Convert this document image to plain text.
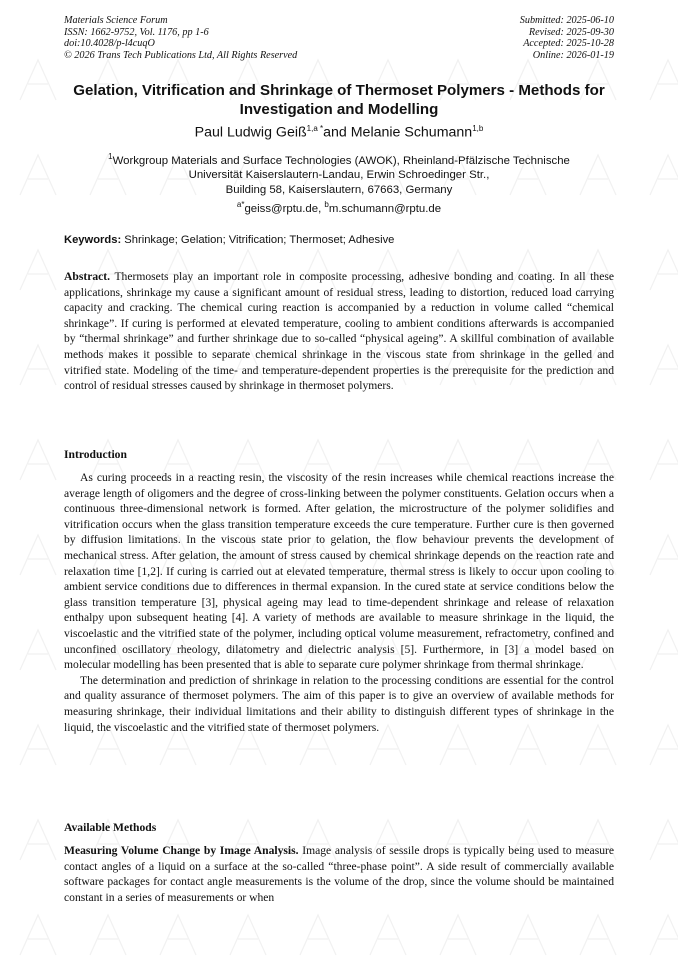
Materials Science Forum
ISSN: 1662-9752, Vol. 1176, pp 1-6
doi:10.4028/p-l4cuqO
© 2026 Trans Tech Publications Ltd, All Rights Reserved
Submitted: 2025-06-10
Revised: 2025-09-30
Accepted: 2025-10-28
Online: 2026-01-19
Gelation, Vitrification and Shrinkage of Thermoset Polymers - Methods for Investigation and Modelling
Paul Ludwig Geiß$^{1,a *}$and Melanie Schumann$^{1,b}$
$^1$Workgroup Materials and Surface Technologies (AWOK), Rheinland-Pfälzische Technische
Universität Kaiserslautern-Landau, Erwin Schroedinger Str.,
Building 58, Kaiserslautern, 67663, Germany
$^{a*}$geiss@rptu.de, $^b$m.schumann@rptu.de
Keywords: Shrinkage; Gelation; Vitrification; Thermoset; Adhesive

Abstract. Thermosets play an important role in composite processing, adhesive bonding and coating. In all these applications, shrinkage my cause a significant amount of residual stress, leading to distortion, reduced load carrying capacity and cracking. The chemical curing reaction is accompanied by a reduction in volume called “chemical shrinkage”. If curing is performed at elevated temperature, cooling to ambient conditions afterwards is accompanied by “thermal shrinkage” and further shrinkage due to so-called “physical ageing”. A skillful combination of available methods makes it possible to separate chemical shrinkage in the viscous state from shrinkage in the gelled and vitrified state. Modeling of the time- and temperature-dependent properties is the prerequisite for the prediction and control of residual stresses caused by shrinkage in thermoset polymers.

Introduction

As curing proceeds in a reacting resin, the viscosity of the resin increases while chemical reactions increase the average length of oligomers and the degree of cross-linking between the polymer constituents. Gelation occurs when a continuous three-dimensional network is formed. After gelation, the microstructure of the polymer solidifies and vitrification occurs when the glass transition temperature exceeds the cure temperature. Further cure is then governed by diffusion limitations. In the viscous state prior to gelation, the flow behaviour prevents the development of mechanical stress. After gelation, the amount of stress caused by chemical shrinkage depends on the reaction rate and relaxation time [1,2]. If curing is carried out at elevated temperature, thermal stress is likely to occur upon cooling to ambient service conditions due to differences in thermal expansion. In the cured state at service conditions below the glass transition temperature [3], physical ageing may lead to time-dependent shrinkage and release of relaxation enthalpy upon subsequent heating [4]. A variety of methods are available to measure shrinkage in the liquid, the viscoelastic and the vitrified state of the polymer, including optical volume measurement, refractometry, confined and unconfined oscillatory rheology, dilatometry and dielectric analysis [5]. Furthermore, in [3] a model based on molecular modelling has been presented that is able to separate cure polymer shrinkage from thermal shrinkage.

The determination and prediction of shrinkage in relation to the processing conditions are essential for the control and quality assurance of thermoset polymers. The aim of this paper is to give an overview of available methods for measuring shrinkage, their individual limitations and their ability to distinguish different types of shrinkage in the liquid, the viscoelastic and the vitrified state of thermoset polymers.

Available Methods

Measuring Volume Change by Image Analysis. Image analysis of sessile drops is typically being used to measure contact angles of a liquid on a surface at the so-called “three-phase point”. A side result of commercially available software packages for contact angle measurements is the volume of the drop, since the volume should be maintained constant in a series of measurements or when
